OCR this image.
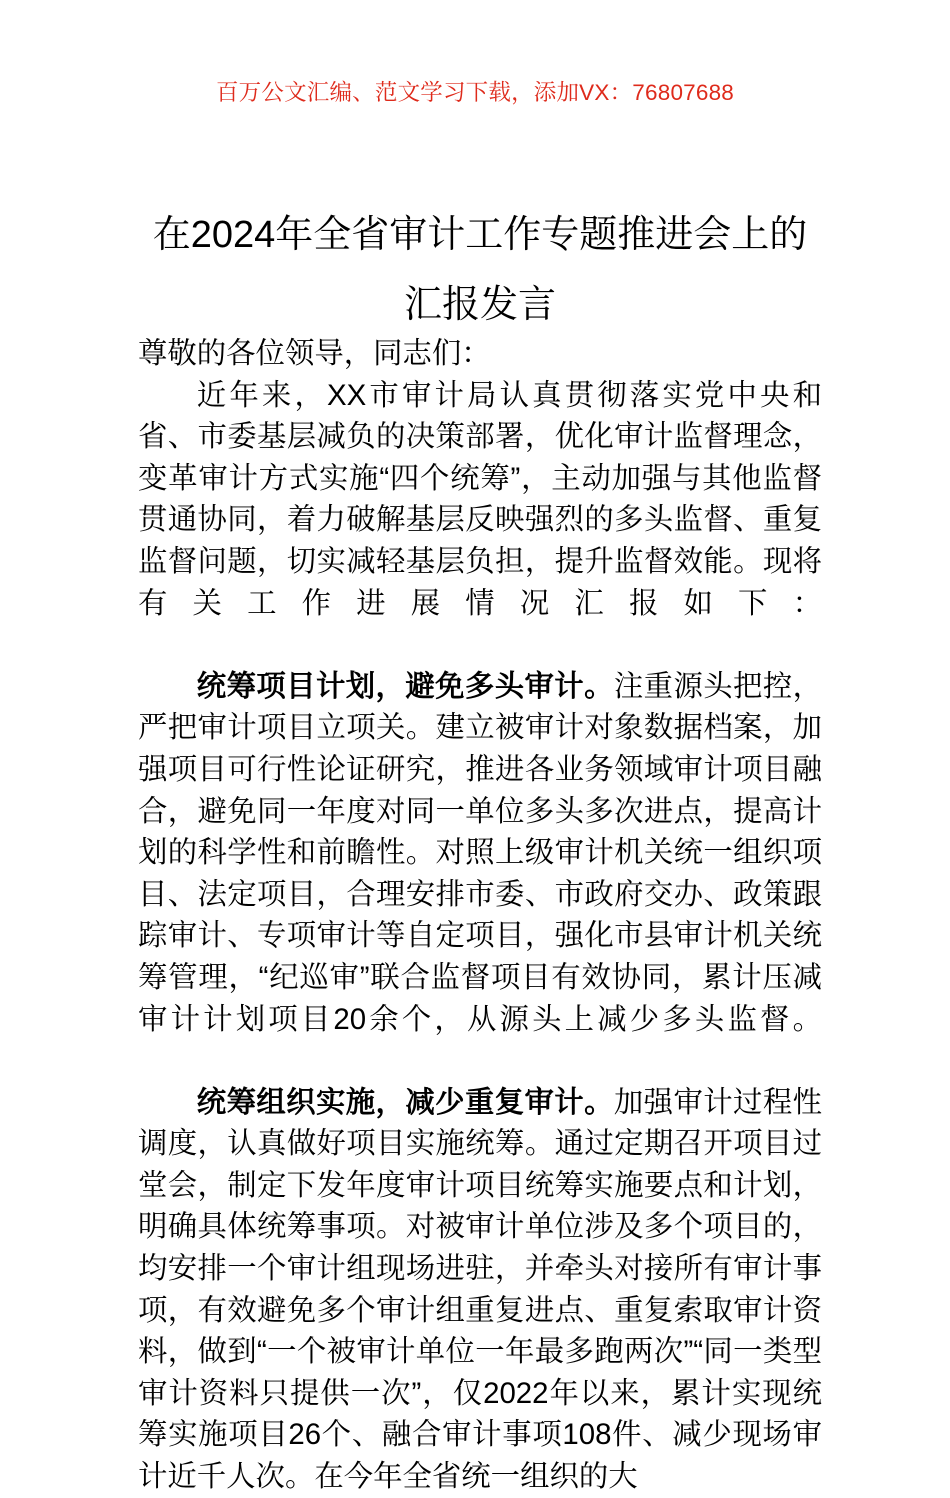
百万公文汇编、范文学习下载，添加VX：76807688
在2024年全省审计工作专题推进会上的汇报发言

尊敬的各位领导，同志们：

近年来，XX市审计局认真贯彻落实党中央和省、市委基层减负的决策部署，优化审计监督理念，变革审计方式实施“四个统筹”，主动加强与其他监督贯通协同，着力破解基层反映强烈的多头监督、重复监督问题，切实减轻基层负担，提升监督效能。现将有关工作进展情况汇报如下：

统筹项目计划，避免多头审计。注重源头把控，严把审计项目立项关。建立被审计对象数据档案，加强项目可行性论证研究，推进各业务领域审计项目融合，避免同一年度对同一单位多头多次进点，提高计划的科学性和前瞻性。对照上级审计机关统一组织项目、法定项目，合理安排市委、市政府交办、政策跟踪审计、专项审计等自定项目，强化市县审计机关统筹管理，“纪巡审”联合监督项目有效协同，累计压减审计计划项目20余个，从源头上减少多头监督。

统筹组织实施，减少重复审计。加强审计过程性调度，认真做好项目实施统筹。通过定期召开项目过堂会，制定下发年度审计项目统筹实施要点和计划，明确具体统筹事项。对被审计单位涉及多个项目的，均安排一个审计组现场进驻，并牵头对接所有审计事项，有效避免多个审计组重复进点、重复索取审计资料，做到“一个被审计单位一年最多跑两次”“同一类型审计资料只提供一次”，仅2022年以来，累计实现统筹实施项目26个、融合审计事项108件、减少现场审计近千人次。在今年全省统一组织的大
